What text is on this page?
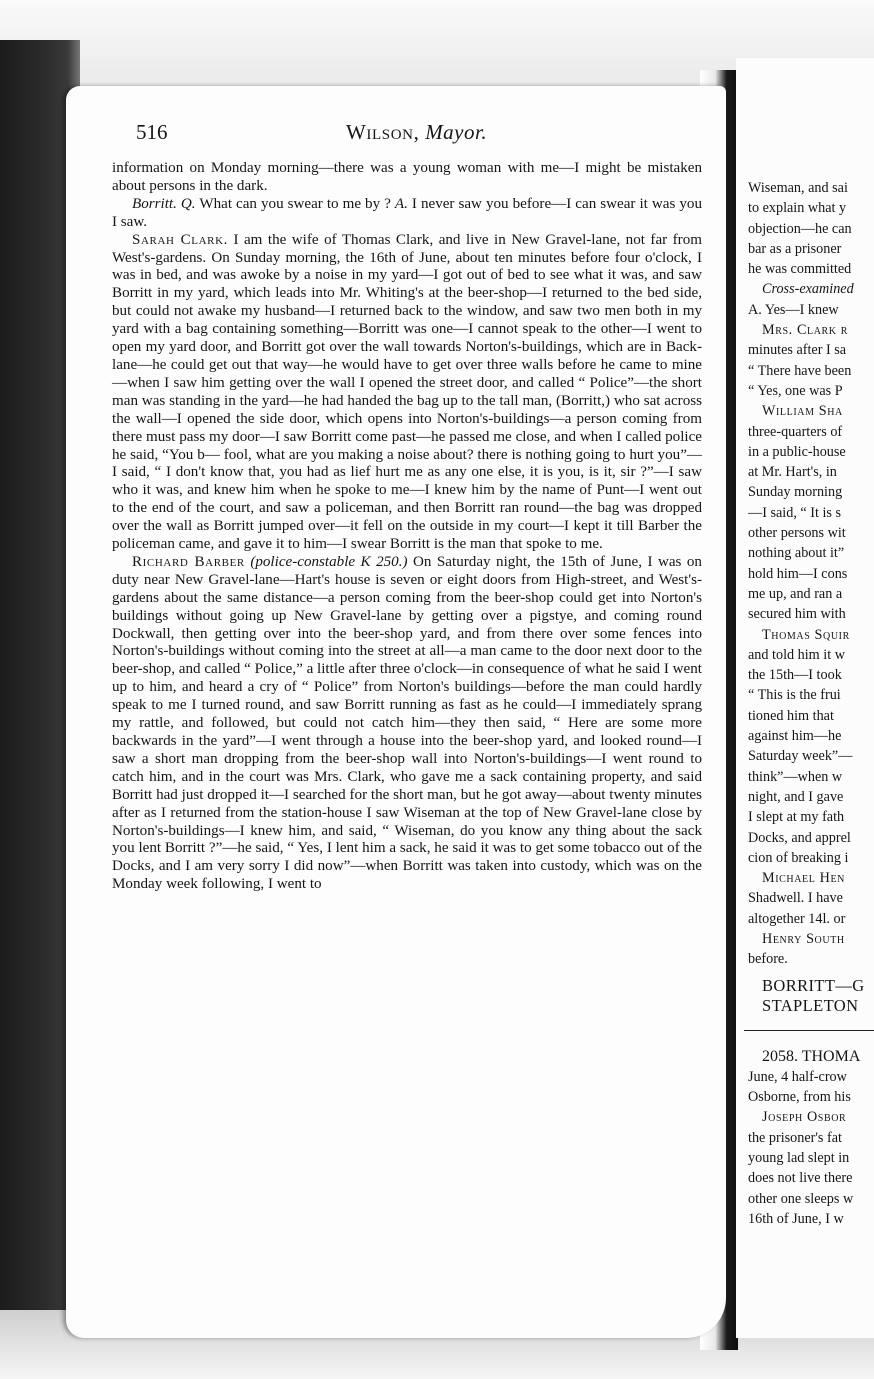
516	Wilson, Mayor.

information on Monday morning—there was a young woman with me—I might be mistaken about persons in the dark.

Borritt. Q. What can you swear to me by ? A. I never saw you before—I can swear it was you I saw.

Sarah Clark. I am the wife of Thomas Clark, and live in New Gravel-lane, not far from West's-gardens. On Sunday morning, the 16th of June, about ten minutes before four o'clock, I was in bed, and was awoke by a noise in my yard—I got out of bed to see what it was, and saw Borritt in my yard, which leads into Mr. Whiting's at the beer-shop—I returned to the bed side, but could not awake my husband—I returned back to the window, and saw two men both in my yard with a bag containing something—Borritt was one—I cannot speak to the other—I went to open my yard door, and Borritt got over the wall towards Norton's-buildings, which are in Back-lane—he could get out that way—he would have to get over three walls before he came to mine—when I saw him getting over the wall I opened the street door, and called “ Police”—the short man was standing in the yard—he had handed the bag up to the tall man, (Borritt,) who sat across the wall—I opened the side door, which opens into Norton's-buildings—a person coming from there must pass my door—I saw Borritt come past—he passed me close, and when I called police he said, “You b— fool, what are you making a noise about? there is nothing going to hurt you”—I said, “ I don't know that, you had as lief hurt me as any one else, it is you, is it, sir ?”—I saw who it was, and knew him when he spoke to me—I knew him by the name of Punt—I went out to the end of the court, and saw a policeman, and then Borritt ran round—the bag was dropped over the wall as Borritt jumped over—it fell on the outside in my court—I kept it till Barber the policeman came, and gave it to him—I swear Borritt is the man that spoke to me.

Richard Barber (police-constable K 250.) On Saturday night, the 15th of June, I was on duty near New Gravel-lane—Hart's house is seven or eight doors from High-street, and West's-gardens about the same distance—a person coming from the beer-shop could get into Norton's buildings without going up New Gravel-lane by getting over a pigstye, and coming round Dockwall, then getting over into the beer-shop yard, and from there over some fences into Norton's-buildings without coming into the street at all—a man came to the door next door to the beer-shop, and called “ Police,” a little after three o'clock—in consequence of what he said I went up to him, and heard a cry of “ Police” from Norton's buildings—before the man could hardly speak to me I turned round, and saw Borritt running as fast as he could—I immediately sprang my rattle, and followed, but could not catch him—they then said, “ Here are some more backwards in the yard”—I went through a house into the beer-shop yard, and looked round—I saw a short man dropping from the beer-shop wall into Norton's-buildings—I went round to catch him, and in the court was Mrs. Clark, who gave me a sack containing property, and said Borritt had just dropped it—I searched for the short man, but he got away—about twenty minutes after as I returned from the station-house I saw Wiseman at the top of New Gravel-lane close by Norton's-buildings—I knew him, and said, “ Wiseman, do you know any thing about the sack you lent Borritt ?”—he said, “ Yes, I lent him a sack, he said it was to get some tobacco out of the Docks, and I am very sorry I did now”—when Borritt was taken into custody, which was on the Monday week following, I went to

Wiseman, and sai
to explain what y
objection—he can
bar as a prisoner
he was committed
Cross-examined
A. Yes—I knew
Mrs. Clark r
minutes after I sa
“ There have been
“ Yes, one was P
William Sha
three-quarters of
in a public-house
at Mr. Hart's, in
Sunday morning
—I said, “ It is s
other persons wit
nothing about it”
hold him—I cons
me up, and ran a
secured him with
Thomas Squir
and told him it w
the 15th—I took
“ This is the frui
tioned him that
against him—he
Saturday week”—
think”—when w
night, and I gave
I slept at my fath
Docks, and apprel
cion of breaking i
Michael Hen
Shadwell. I have
altogether 14l. or
Henry South
before.
BORRITT—G
STAPLETON
2058. THOMA
June, 4 half-crow
Osborne, from his
Joseph Osbor
the prisoner's fat
young lad slept in
does not live there
other one sleeps w
16th of June, I w
